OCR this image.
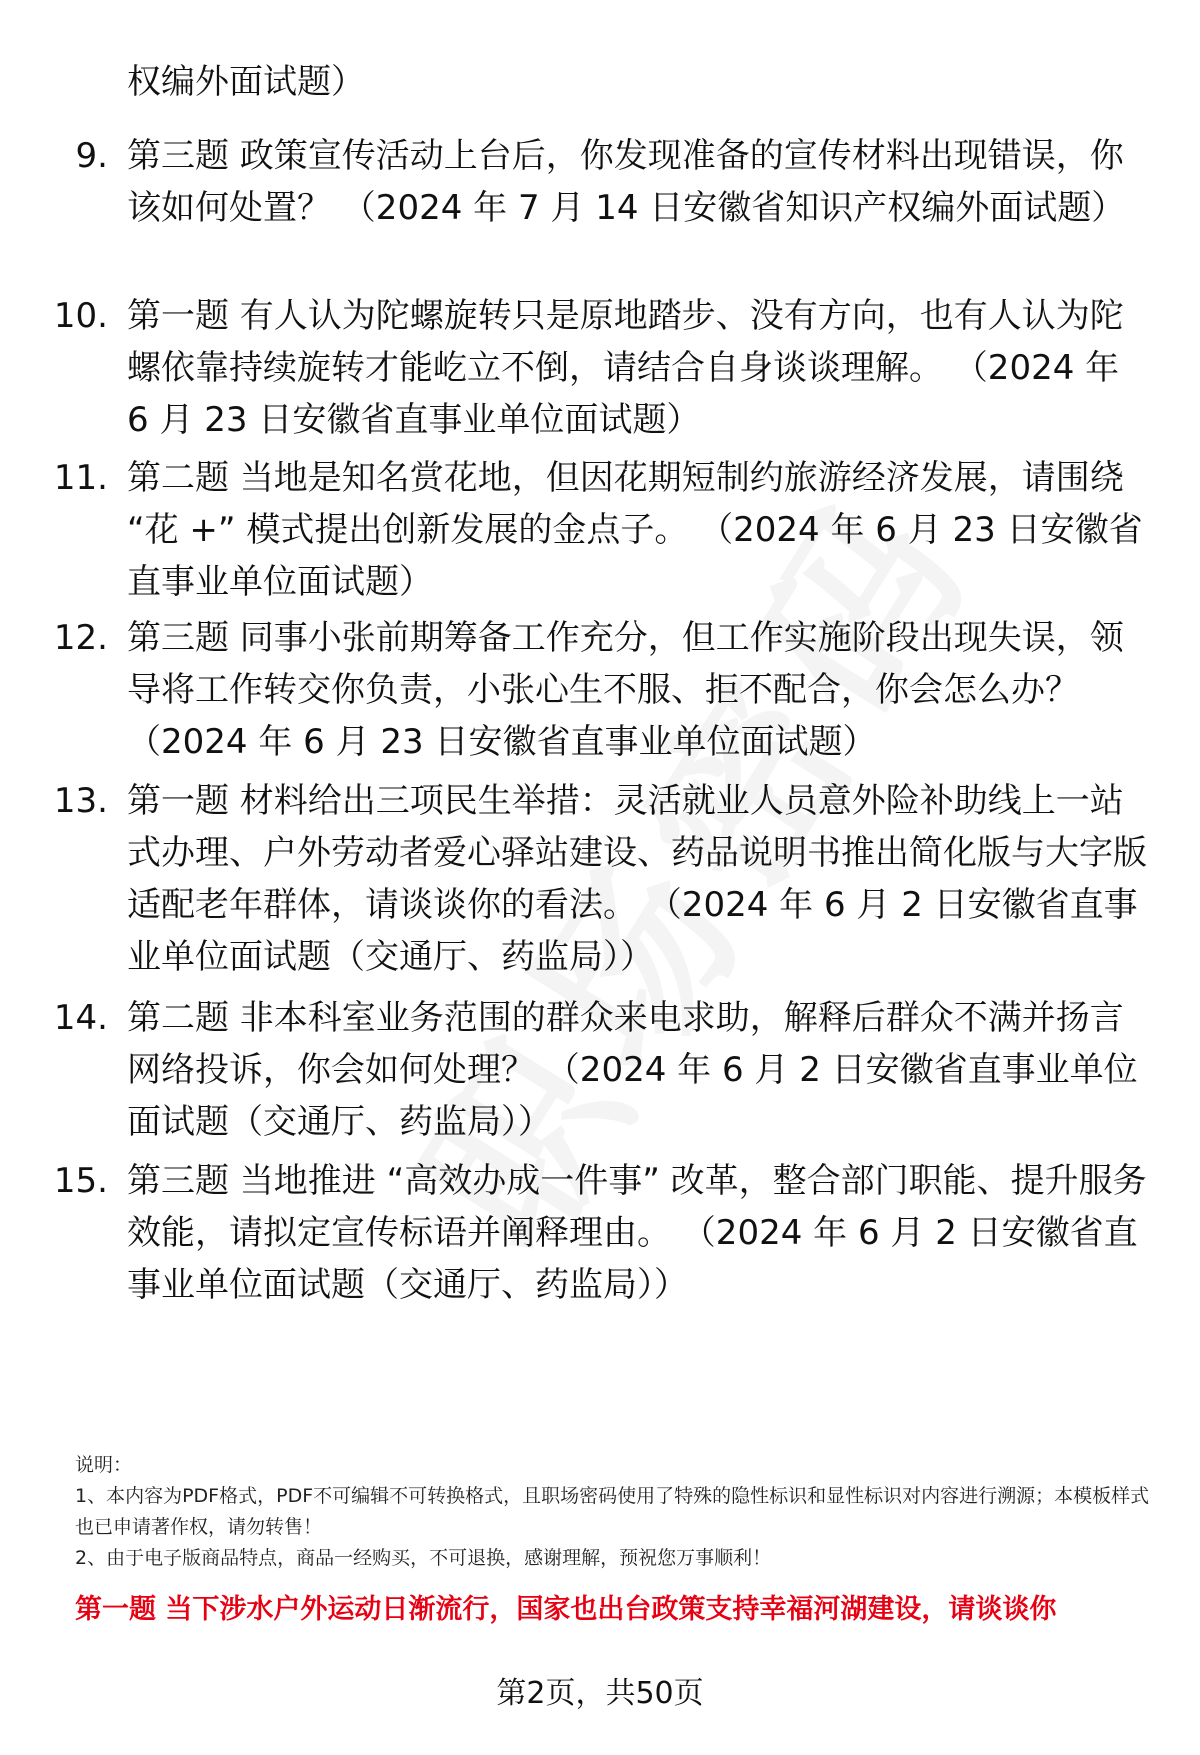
权编外面试题）
9. 第三题 政策宣传活动上台后，你发现准备的宣传材料出现错误，你该如何处置？ （2024 年 7 月 14 日安徽省知识产权编外面试题）
10. 第一题 有人认为陀螺旋转只是原地踏步、没有方向，也有人认为陀螺依靠持续旋转才能屹立不倒，请结合自身谈谈理解。 （2024 年 6 月 23 日安徽省直事业单位面试题）
11. 第二题 当地是知名赏花地，但因花期短制约旅游经济发展，请围绕 “花 +” 模式提出创新发展的金点子。 （2024 年 6 月 23 日安徽省直事业单位面试题）
12. 第三题 同事小张前期筹备工作充分，但工作实施阶段出现失误，领导将工作转交你负责，小张心生不服、拒不配合，你会怎么办？ （2024 年 6 月 23 日安徽省直事业单位面试题）
13. 第一题 材料给出三项民生举措：灵活就业人员意外险补助线上一站式办理、户外劳动者爱心驿站建设、药品说明书推出简化版与大字版适配老年群体，请谈谈你的看法。 （2024 年 6 月 2 日安徽省直事业单位面试题（交通厅、药监局））
14. 第二题 非本科室业务范围的群众来电求助，解释后群众不满并扬言网络投诉，你会如何处理？ （2024 年 6 月 2 日安徽省直事业单位面试题（交通厅、药监局））
15. 第三题 当地推进 “高效办成一件事” 改革，整合部门职能、提升服务效能，请拟定宣传标语并阐释理由。 （2024 年 6 月 2 日安徽省直事业单位面试题（交通厅、药监局））
说明：
1、本内容为PDF格式，PDF不可编辑不可转换格式，且职场密码使用了特殊的隐性标识和显性标识对内容进行溯源；本模板样式也已申请著作权，请勿转售！
2、由于电子版商品特点，商品一经购买，不可退换，感谢理解，预祝您万事顺利！
第一题 当下涉水户外运动日渐流行，国家也出台政策支持幸福河湖建设，请谈谈你
第2页，共50页
